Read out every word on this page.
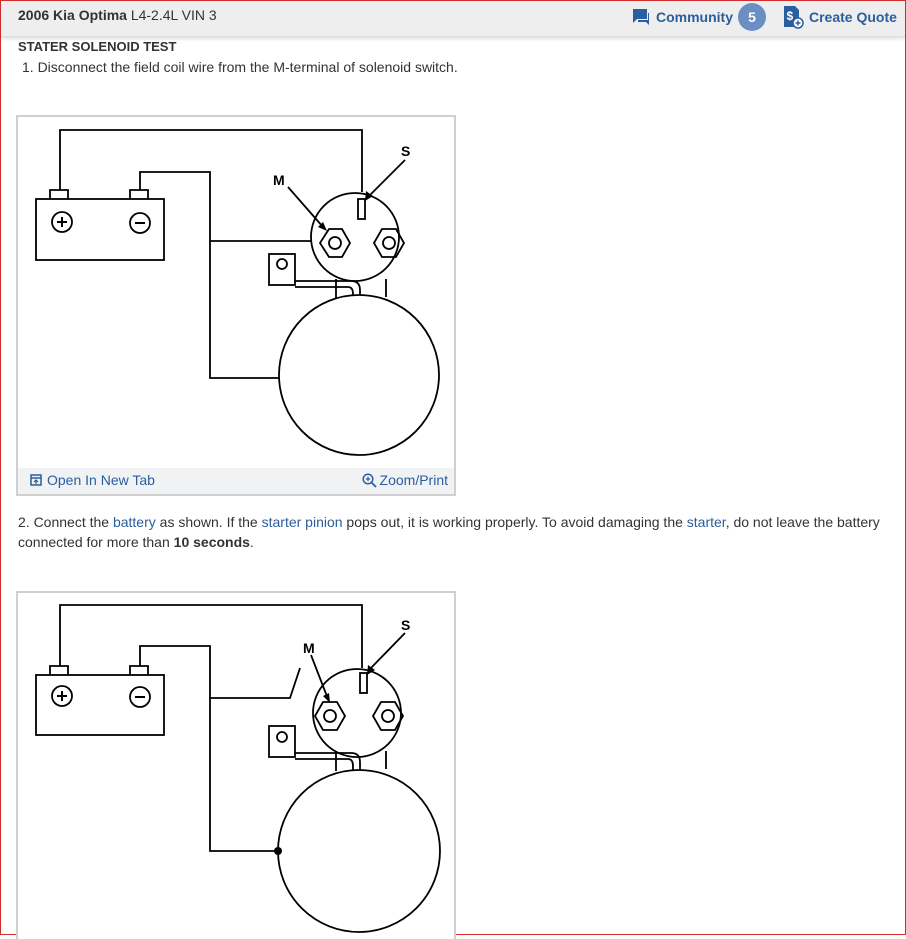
2006 Kia Optima L4-2.4L VIN 3	Community	5	$ Create Quote
STATER SOLENOID TEST
1. Disconnect the field coil wire from the M-terminal of solenoid switch.
M
S
Open In New Tab	Zoom/Print
2. Connect the battery as shown. If the starter pinion pops out, it is working properly. To avoid damaging the starter, do not leave the battery connected for more than 10 seconds.
M
S
